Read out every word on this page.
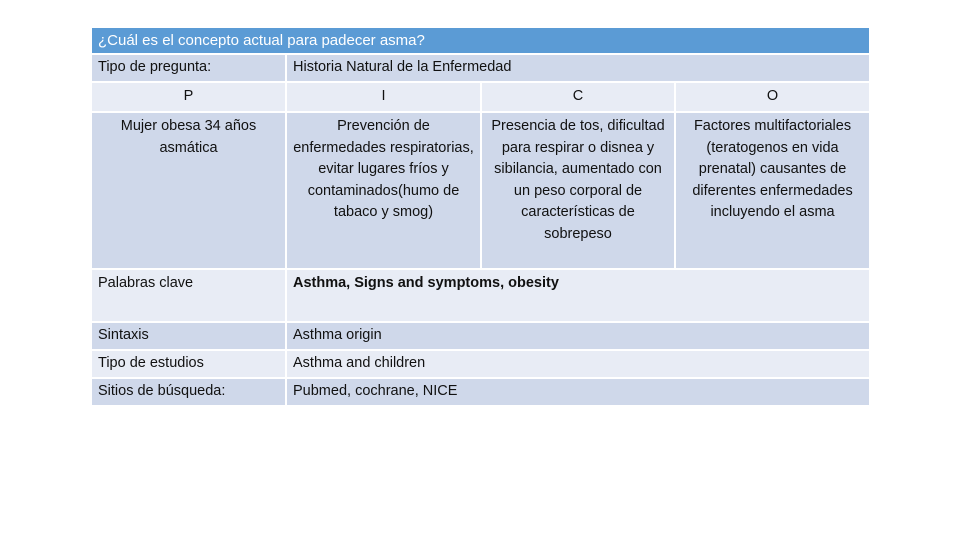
¿Cuál es el concepto actual para padecer asma?			
Tipo de pregunta:	Historia Natural de la Enfermedad		
P	I	C	O
Mujer obesa 34 años asmática	Prevención de enfermedades respiratorias, evitar lugares fríos y contaminados(humo de tabaco y smog)	Presencia de tos, dificultad para respirar o disnea y sibilancia, aumentado con un peso corporal de características de sobrepeso	Factores multifactoriales (teratogenos en vida prenatal) causantes de diferentes enfermedades incluyendo el asma
Palabras clave	Asthma, Signs and symptoms, obesity		
Sintaxis	Asthma origin		
Tipo de estudios	Asthma and children		
Sitios de búsqueda:	Pubmed, cochrane, NICE		
